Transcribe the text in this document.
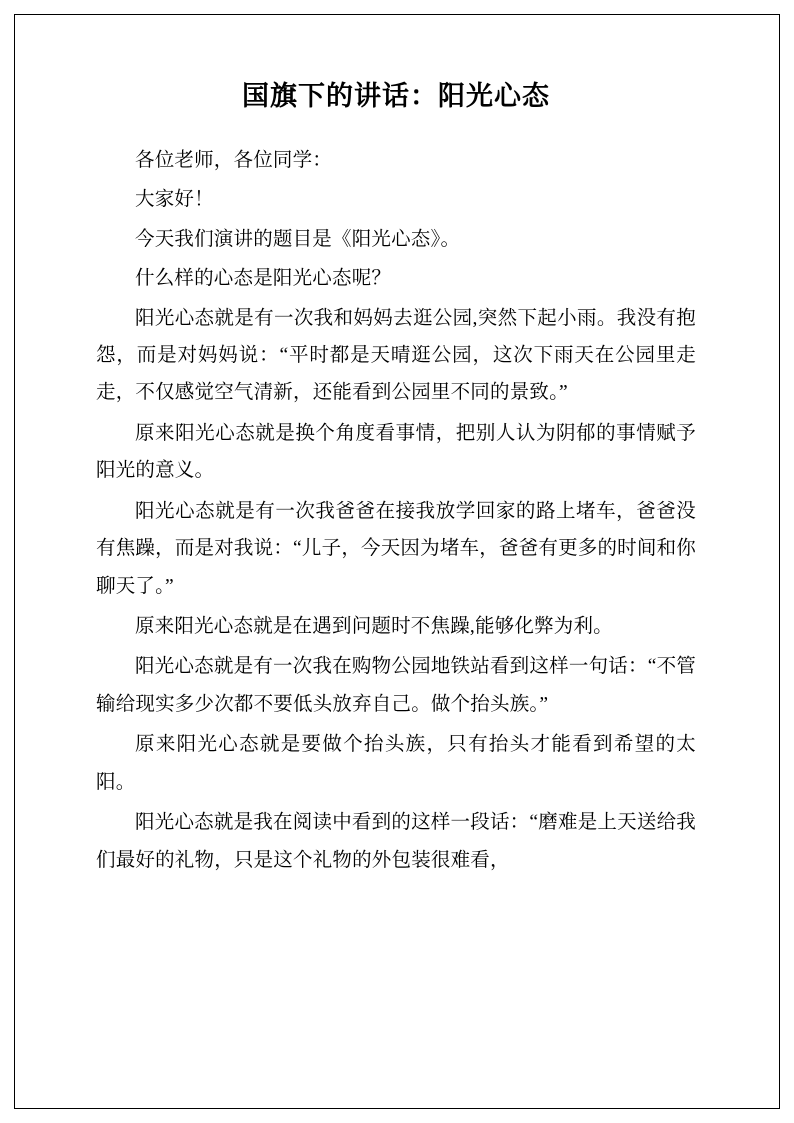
国旗下的讲话：阳光心态

各位老师，各位同学：

大家好！

今天我们演讲的题目是《阳光心态》。

什么样的心态是阳光心态呢？

阳光心态就是有一次我和妈妈去逛公园,突然下起小雨。我没有抱怨，而是对妈妈说：“平时都是天晴逛公园，这次下雨天在公园里走走，不仅感觉空气清新，还能看到公园里不同的景致。”

原来阳光心态就是换个角度看事情，把别人认为阴郁的事情赋予阳光的意义。

阳光心态就是有一次我爸爸在接我放学回家的路上堵车，爸爸没有焦躁，而是对我说：“儿子，今天因为堵车，爸爸有更多的时间和你聊天了。”

原来阳光心态就是在遇到问题时不焦躁,能够化弊为利。

阳光心态就是有一次我在购物公园地铁站看到这样一句话：“不管输给现实多少次都不要低头放弃自己。做个抬头族。”

原来阳光心态就是要做个抬头族，只有抬头才能看到希望的太阳。

阳光心态就是我在阅读中看到的这样一段话：“磨难是上天送给我们最好的礼物，只是这个礼物的外包装很难看，
